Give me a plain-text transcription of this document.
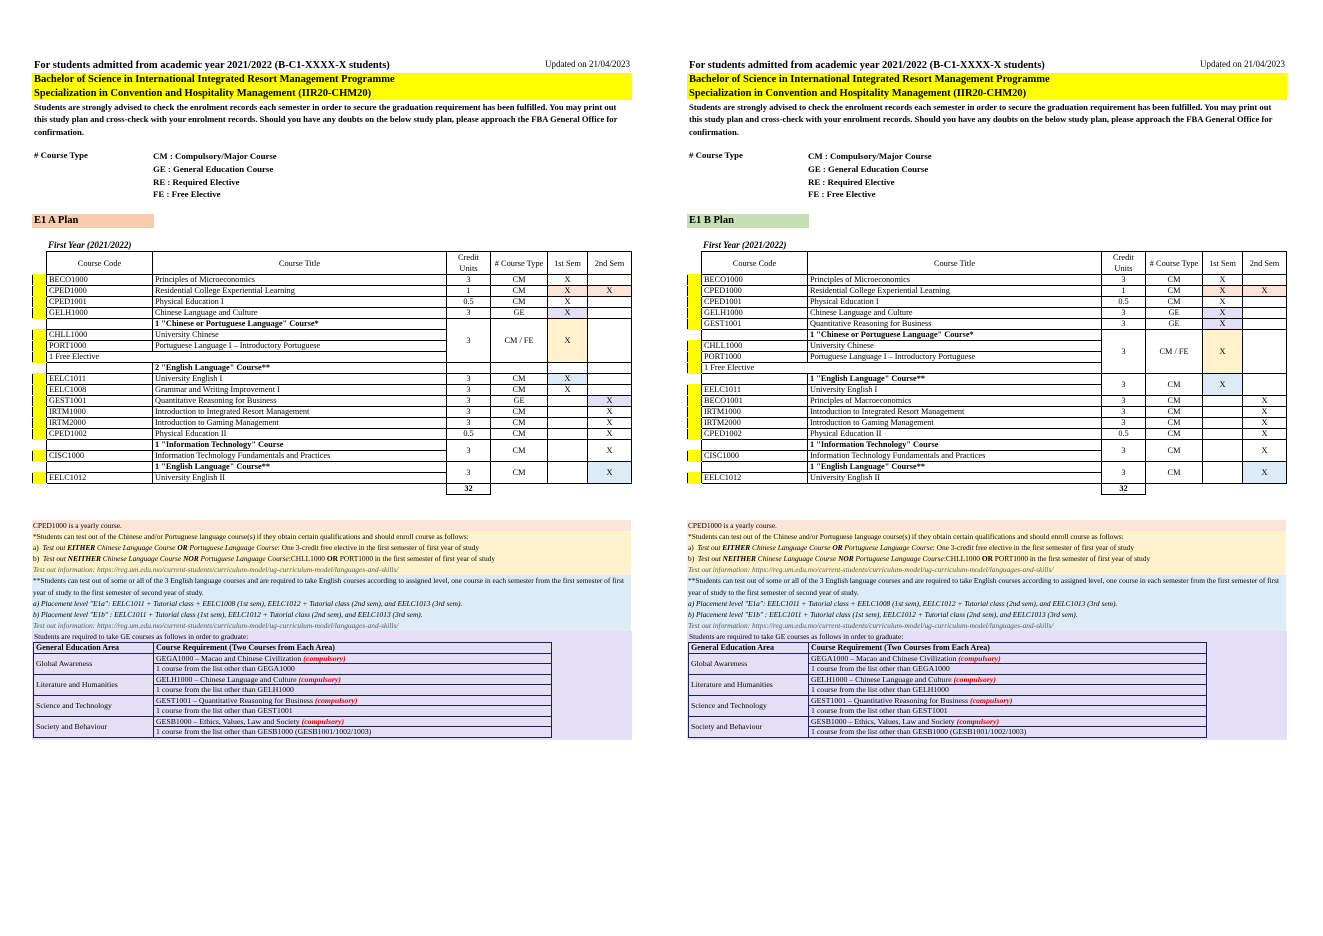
For students admitted from academic year 2021/2022 (B-C1-XXXX-X students)	Updated on 21/04/2023
Bachelor of Science in International Integrated Resort Management Programme
Specialization in Convention and Hospitality Management (IIR20-CHM20)
Students are strongly advised to check the enrolment records each semester in order to secure the graduation requirement has been fulfilled. You may print out this study plan and cross-check with your enrolment records. Should you have any doubts on the below study plan, please approach the FBA General Office for confirmation.
# Course Type	CM : Compulsory/Major Course
GE : General Education Course
RE : Required Elective
FE : Free Elective
E1 A Plan
First Year (2021/2022)
	Course Code	Course Title	Credit Units	# Course Type	1st Sem	2nd Sem
	BECO1000	Principles of Microeconomics	3	CM	X	
	CPED1000	Residential College Experiential Learning	1	CM	X	X
	CPED1001	Physical Education I	0.5	CM	X	
	GELH1000	Chinese Language and Culture	3	GE	X	
		1 "Chinese or Portuguese Language" Course*	3	CM / FE	X	
	CHLL1000	University Chinese				
	PORT1000	Portuguese Language I – Introductory Portuguese				
	1 Free Elective					
		2 "English Language" Course**				
	EELC1011	University English I	3	CM	X	
	EELC1008	Grammar and Writing Improvement I	3	CM	X	
	GEST1001	Quantitative Reasoning for Business	3	GE		X
	IRTM1000	Introduction to Integrated Resort Management	3	CM		X
	IRTM2000	Introduction to Gaming Management	3	CM		X
	CPED1002	Physical Education II	0.5	CM		X
		1 "Information Technology" Course	3	CM		X
	CISC1000	Information Technology Fundamentals and Practices				
		1 "English Language" Course**	3	CM		X
	EELC1012	University English II				
			32			
CPED1000 is a yearly course.
*Students can test out of the Chinese and/or Portuguese language course(s) if they obtain certain qualifications and should enroll course as follows:
a) Test out EITHER Chinese Language Course OR Portuguese Language Course: One 3-credit free elective in the first semester of first year of study
b) Test out NEITHER Chinese Language Course NOR Portuguese Language Course:CHLL1000 OR PORT1000 in the first semester of first year of study
Test out information: https://reg.um.edu.mo/current-students/curriculum-model/ug-curriculum-model/languages-and-skills/
**Students can test out of some or all of the 3 English language courses and are required to take English courses according to assigned level, one course in each semester from the first semester of first year of study to the first semester of second year of study.
a) Placement level "E1a": EELC1011 + Tutorial class + EELC1008 (1st sem), EELC1012 + Tutorial class (2nd sem), and EELC1013 (3rd sem).
b) Placement level "E1b" : EELC1011 + Tutorial class (1st sem), EELC1012 + Tutorial class (2nd sem), and EELC1013 (3rd sem).
Test out information: https://reg.um.edu.mo/current-students/curriculum-model/ug-curriculum-model/languages-and-skills/
Students are required to take GE courses as follows in order to graduate:
General Education Area	Course Requirement (Two Courses from Each Area)
Global Awareness	GEGA1000 – Macao and Chinese Civilization (compulsory)
	1 course from the list other than GEGA1000
Literature and Humanities	GELH1000 – Chinese Language and Culture (compulsory)
	1 course from the list other than GELH1000
Science and Technology	GEST1001 – Quantitative Reasoning for Business (compulsory)
	1 course from the list other than GEST1001
Society and Behaviour	GESB1000 – Ethics, Values, Law and Society (compulsory)
	1 course from the list other than GESB1000 (GESB1001/1002/1003)
For students admitted from academic year 2021/2022 (B-C1-XXXX-X students)	Updated on 21/04/2023
Bachelor of Science in International Integrated Resort Management Programme
Specialization in Convention and Hospitality Management (IIR20-CHM20)
Students are strongly advised to check the enrolment records each semester in order to secure the graduation requirement has been fulfilled. You may print out this study plan and cross-check with your enrolment records. Should you have any doubts on the below study plan, please approach the FBA General Office for confirmation.
# Course Type	CM : Compulsory/Major Course
GE : General Education Course
RE : Required Elective
FE : Free Elective
E1 B Plan
First Year (2021/2022)
	Course Code	Course Title	Credit Units	# Course Type	1st Sem	2nd Sem
	BECO1000	Principles of Microeconomics	3	CM	X	
	CPED1000	Residential College Experiential Learning	1	CM	X	X
	CPED1001	Physical Education I	0.5	CM	X	
	GELH1000	Chinese Language and Culture	3	GE	X	
	GEST1001	Quantitative Reasoning for Business	3	GE	X	
		1 "Chinese or Portuguese Language" Course*	3	CM / FE	X	
	CHLL1000	University Chinese				
	PORT1000	Portuguese Language I – Introductory Portuguese				
	1 Free Elective					
		1 "English Language" Course**	3	CM	X	
	EELC1011	University English I				
	BECO1001	Principles of Macroeconomics	3	CM		X
	IRTM1000	Introduction to Integrated Resort Management	3	CM		X
	IRTM2000	Introduction to Gaming Management	3	CM		X
	CPED1002	Physical Education II	0.5	CM		X
		1 "Information Technology" Course	3	CM		X
	CISC1000	Information Technology Fundamentals and Practices				
		1 "English Language" Course**	3	CM		X
	EELC1012	University English II				
			32			
CPED1000 is a yearly course.
*Students can test out of the Chinese and/or Portuguese language course(s) if they obtain certain qualifications and should enroll course as follows:
a) Test out EITHER Chinese Language Course OR Portuguese Language Course: One 3-credit free elective in the first semester of first year of study
b) Test out NEITHER Chinese Language Course NOR Portuguese Language Course:CHLL1000 OR PORT1000 in the first semester of first year of study
Test out information: https://reg.um.edu.mo/current-students/curriculum-model/ug-curriculum-model/languages-and-skills/
**Students can test out of some or all of the 3 English language courses and are required to take English courses according to assigned level, one course in each semester from the first semester of first year of study to the first semester of second year of study.
a) Placement level "E1a": EELC1011 + Tutorial class + EELC1008 (1st sem), EELC1012 + Tutorial class (2nd sem), and EELC1013 (3rd sem).
b) Placement level "E1b" : EELC1011 + Tutorial class (1st sem), EELC1012 + Tutorial class (2nd sem), and EELC1013 (3rd sem).
Test out information: https://reg.um.edu.mo/current-students/curriculum-model/ug-curriculum-model/languages-and-skills/
Students are required to take GE courses as follows in order to graduate:
General Education Area	Course Requirement (Two Courses from Each Area)
Global Awareness	GEGA1000 – Macao and Chinese Civilization (compulsory)
	1 course from the list other than GEGA1000
Literature and Humanities	GELH1000 – Chinese Language and Culture (compulsory)
	1 course from the list other than GELH1000
Science and Technology	GEST1001 – Quantitative Reasoning for Business (compulsory)
	1 course from the list other than GEST1001
Society and Behaviour	GESB1000 – Ethics, Values, Law and Society (compulsory)
	1 course from the list other than GESB1000 (GESB1001/1002/1003)
